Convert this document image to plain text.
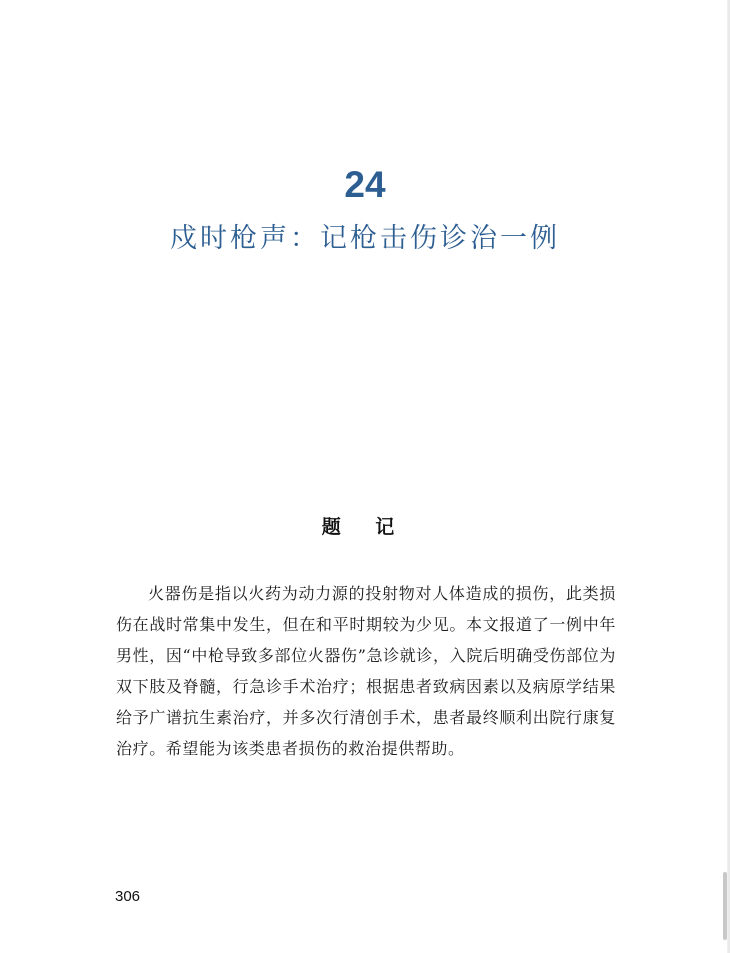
24
戍时枪声：记枪击伤诊治一例
题 记

火器伤是指以火药为动力源的投射物对人体造成的损伤，此类损伤在战时常集中发生，但在和平时期较为少见。本文报道了一例中年男性，因“中枪导致多部位火器伤”急诊就诊，入院后明确受伤部位为双下肢及脊髓，行急诊手术治疗；根据患者致病因素以及病原学结果给予广谱抗生素治疗，并多次行清创手术，患者最终顺利出院行康复治疗。希望能为该类患者损伤的救治提供帮助。

306
